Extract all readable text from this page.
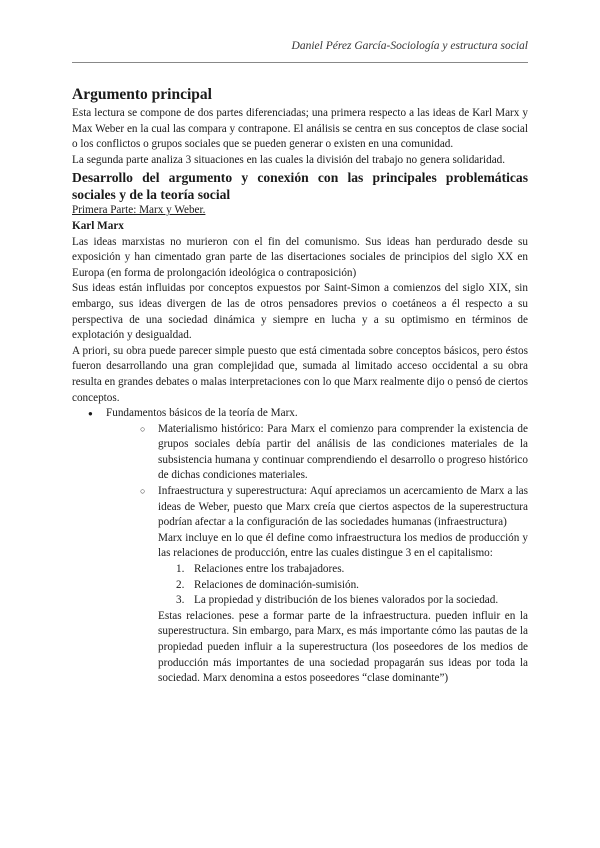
Daniel Pérez García-Sociología y estructura social
Argumento principal

Esta lectura se compone de dos partes diferenciadas; una primera respecto a las ideas de Karl Marx y Max Weber en la cual las compara y contrapone. El análisis se centra en sus conceptos de clase social o los conflictos o grupos sociales que se pueden generar o existen en una comunidad.

La segunda parte analiza 3 situaciones en las cuales la división del trabajo no genera solidaridad.

Desarrollo del argumento y conexión con las principales problemáticas sociales y de la teoría social

Primera Parte: Marx y Weber.

Karl Marx

Las ideas marxistas no murieron con el fin del comunismo. Sus ideas han perdurado desde su exposición y han cimentado gran parte de las disertaciones sociales de principios del siglo XX en Europa (en forma de prolongación ideológica o contraposición)

Sus ideas están influidas por conceptos expuestos por Saint-Simon a comienzos del siglo XIX, sin embargo, sus ideas divergen de las de otros pensadores previos o coetáneos a él respecto a su perspectiva de una sociedad dinámica y siempre en lucha y a su optimismo en términos de explotación y desigualdad.

A priori, su obra puede parecer simple puesto que está cimentada sobre conceptos básicos, pero éstos fueron desarrollando una gran complejidad que, sumada al limitado acceso occidental a su obra resulta en grandes debates o malas interpretaciones con lo que Marx realmente dijo o pensó de ciertos conceptos.

● Fundamentos básicos de la teoría de Marx.
○ Materialismo histórico: Para Marx el comienzo para comprender la existencia de grupos sociales debía partir del análisis de las condiciones materiales de la subsistencia humana y continuar comprendiendo el desarrollo o progreso histórico de dichas condiciones materiales.

○ Infraestructura y superestructura: Aquí apreciamos un acercamiento de Marx a las ideas de Weber, puesto que Marx creía que ciertos aspectos de la superestructura podrían afectar a la configuración de las sociedades humanas (infraestructura)

Marx incluye en lo que él define como infraestructura los medios de producción y las relaciones de producción, entre las cuales distingue 3 en el capitalismo:

1. Relaciones entre los trabajadores.
2. Relaciones de dominación-sumisión.
3. La propiedad y distribución de los bienes valorados por la sociedad.

Estas relaciones. pese a formar parte de la infraestructura. pueden influir en la superestructura. Sin embargo, para Marx, es más importante cómo las pautas de la propiedad pueden influir a la superestructura (los poseedores de los medios de producción más importantes de una sociedad propagarán sus ideas por toda la sociedad. Marx denomina a estos poseedores “clase dominante”)
